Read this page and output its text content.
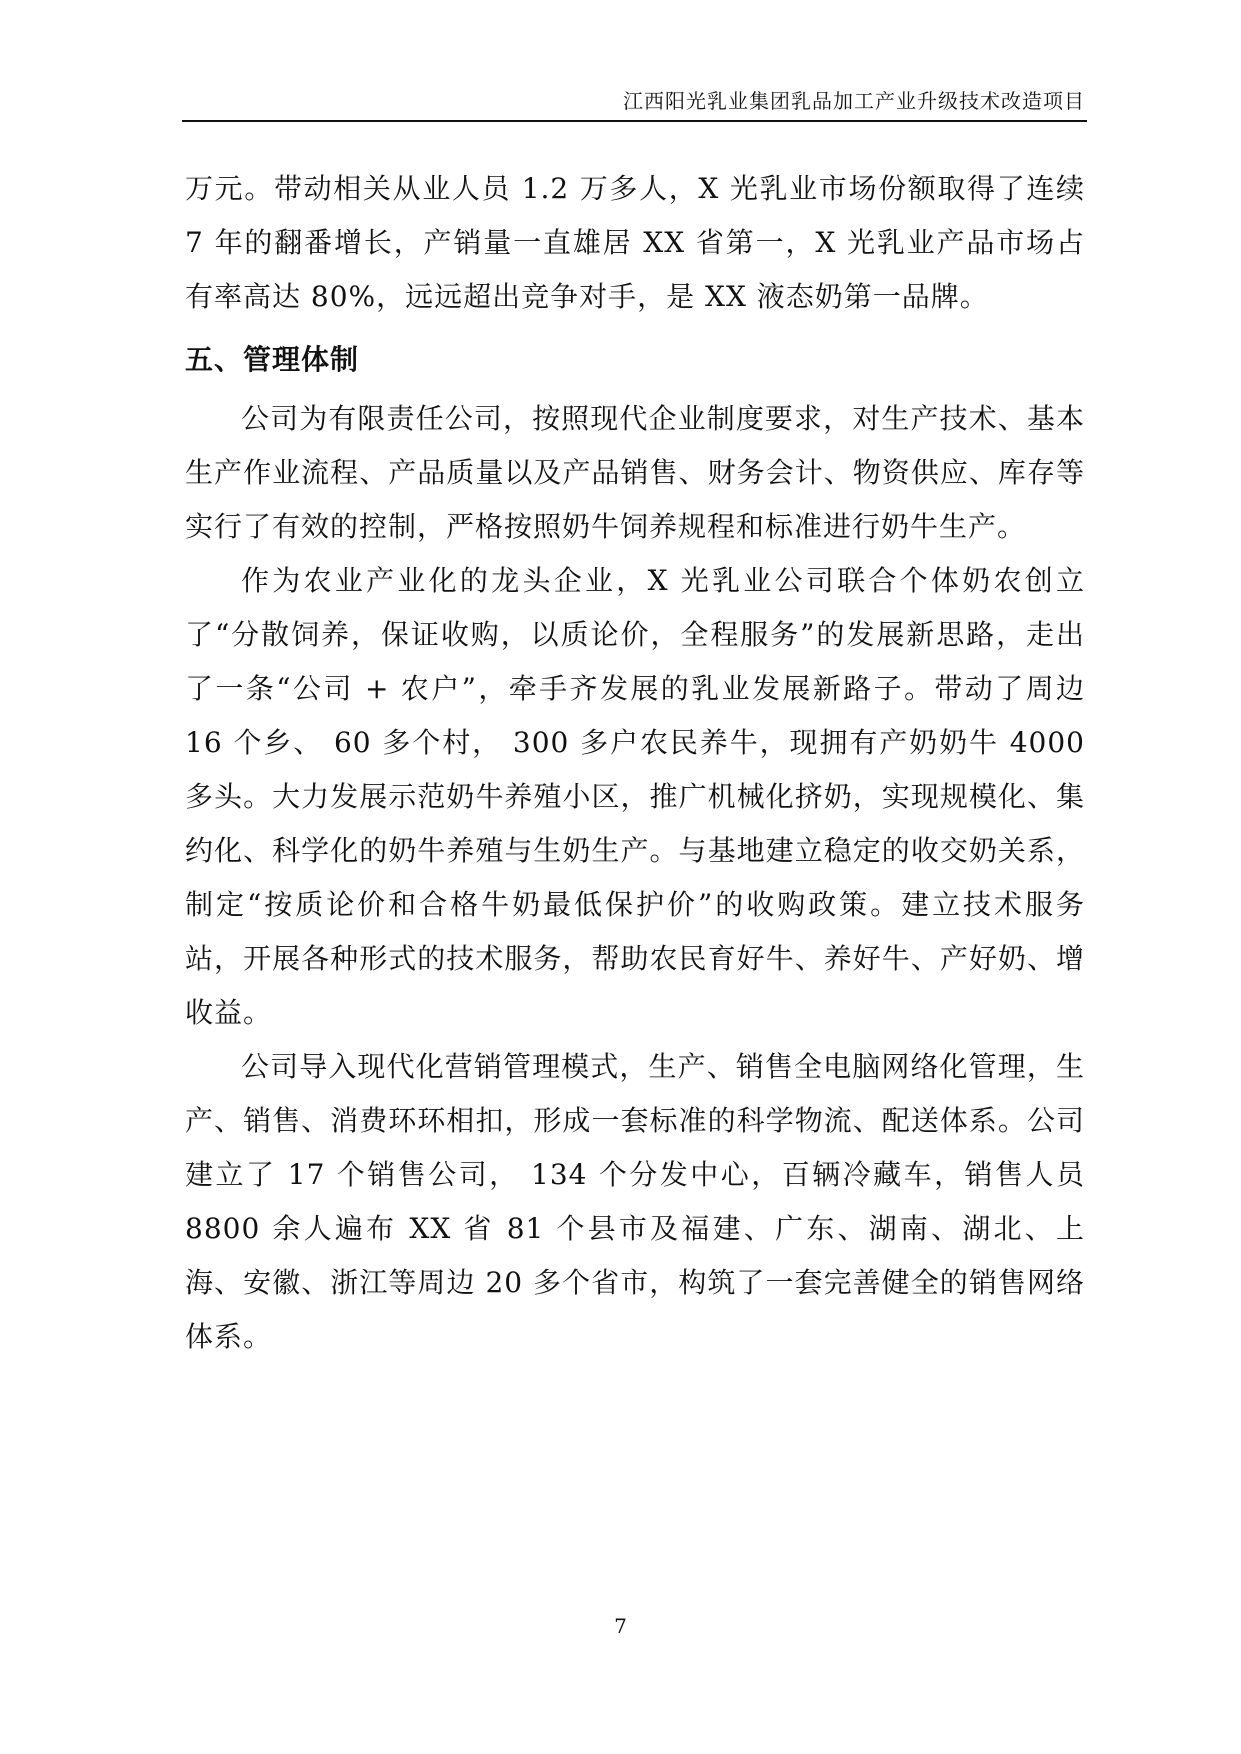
江西阳光乳业集团乳品加工产业升级技术改造项目

万元。带动相关从业人员 1.2 万多人，X 光乳业市场份额取得了连续 7 年的翻番增长，产销量一直雄居 XX 省第一，X 光乳业产品市场占有率高达 80%，远远超出竞争对手，是 XX 液态奶第一品牌。

五、管理体制

公司为有限责任公司，按照现代企业制度要求，对生产技术、基本生产作业流程、产品质量以及产品销售、财务会计、物资供应、库存等实行了有效的控制，严格按照奶牛饲养规程和标准进行奶牛生产。

作为农业产业化的龙头企业，X 光乳业公司联合个体奶农创立了“分散饲养，保证收购，以质论价，全程服务”的发展新思路，走出了一条“公司 + 农户”，牵手齐发展的乳业发展新路子。带动了周边 16 个乡、 60 多个村， 300 多户农民养牛，现拥有产奶奶牛 4000 多头。大力发展示范奶牛养殖小区，推广机械化挤奶，实现规模化、集约化、科学化的奶牛养殖与生奶生产。与基地建立稳定的收交奶关系，制定“按质论价和合格牛奶最低保护价”的收购政策。建立技术服务站，开展各种形式的技术服务，帮助农民育好牛、养好牛、产好奶、增收益。

公司导入现代化营销管理模式，生产、销售全电脑网络化管理，生产、销售、消费环环相扣，形成一套标准的科学物流、配送体系。公司建立了 17 个销售公司， 134 个分发中心，百辆冷藏车，销售人员 8800 余人遍布 XX 省 81 个县市及福建、广东、湖南、湖北、上海、安徽、浙江等周边 20 多个省市，构筑了一套完善健全的销售网络体系。

7
